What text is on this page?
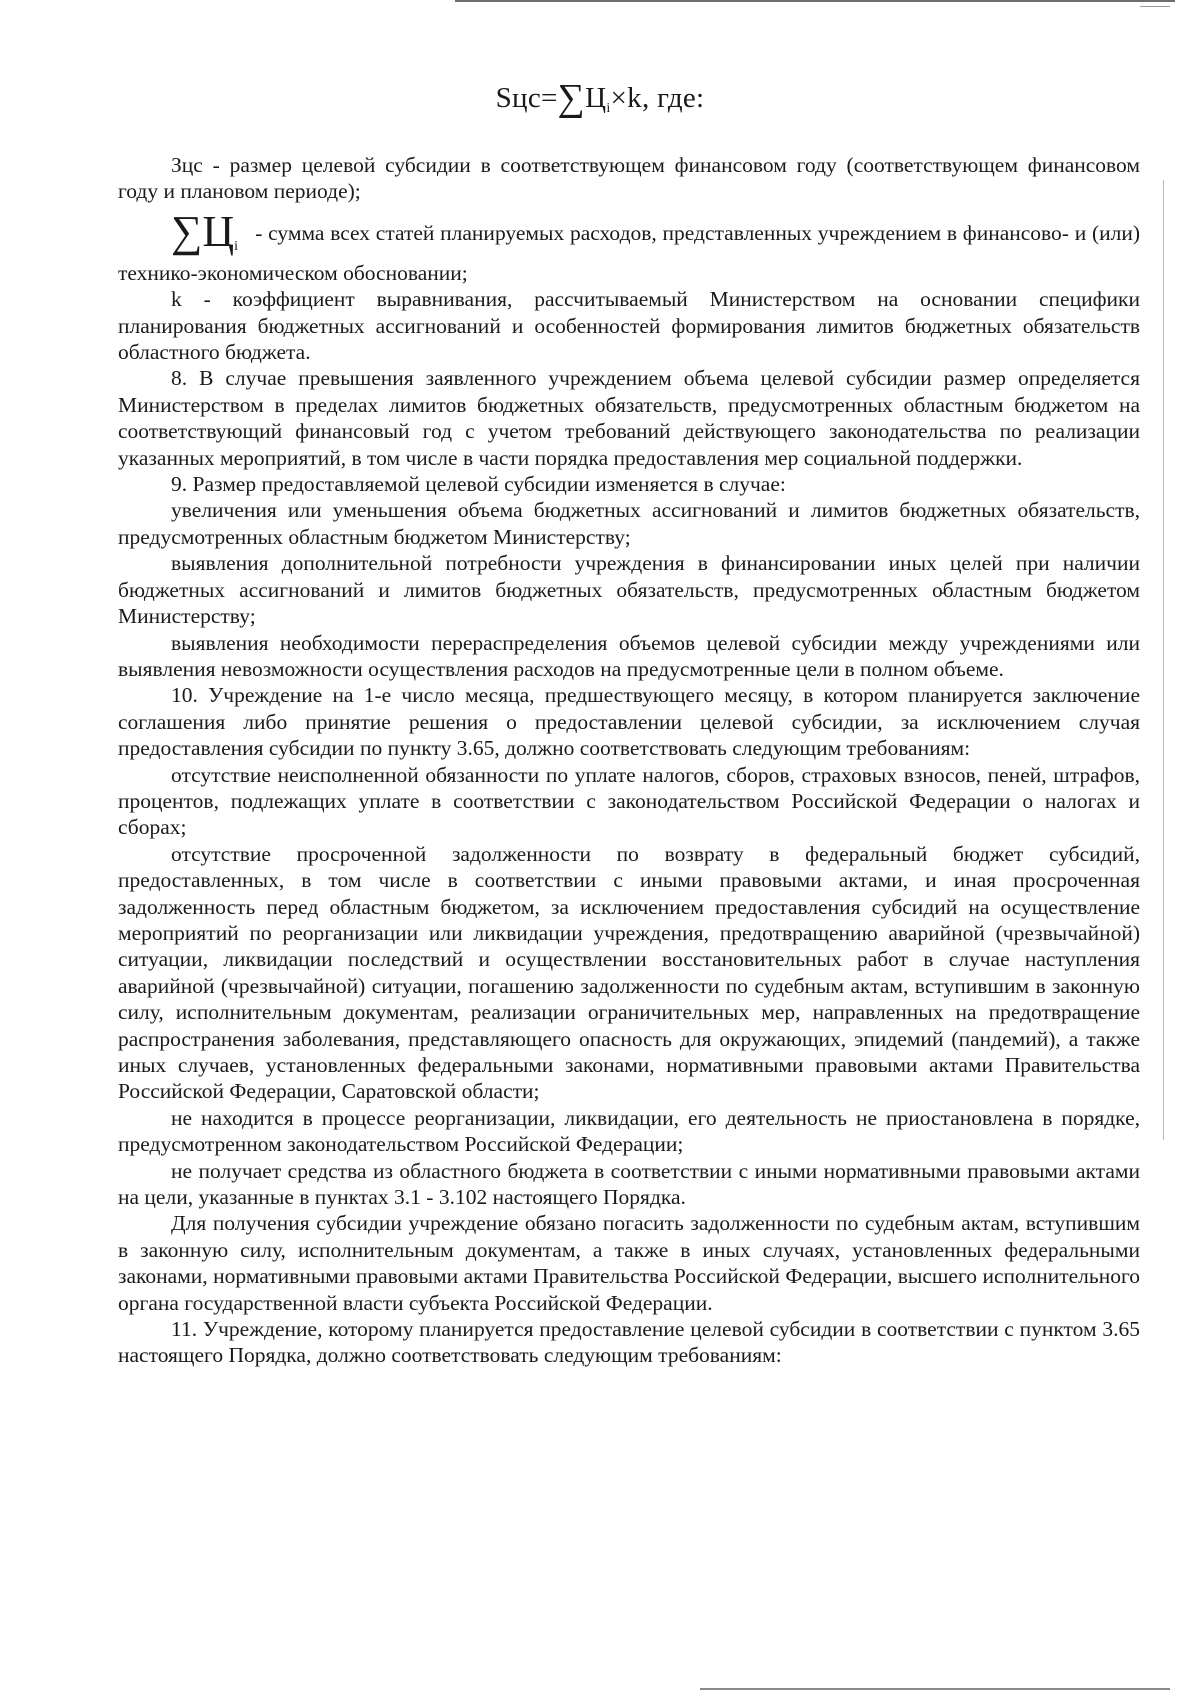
$Sцс=\sum Ц_i\times k$, где:

Зцс - размер целевой субсидии в соответствующем финансовом году (соответствующем финансовом году и плановом периоде);

$\sum Ц_i$   - сумма всех статей планируемых расходов, представленных учреждением в финансово- и (или) технико-экономическом обосновании;

k - коэффициент выравнивания, рассчитываемый Министерством на основании специфики планирования бюджетных ассигнований и особенностей формирования лимитов бюджетных обязательств областного бюджета.

8. В случае превышения заявленного учреждением объема целевой субсидии размер определяется Министерством в пределах лимитов бюджетных обязательств, предусмотренных областным бюджетом на соответствующий финансовый год с учетом требований действующего законодательства по реализации указанных мероприятий, в том числе в части порядка предоставления мер социальной поддержки.

9. Размер предоставляемой целевой субсидии изменяется в случае:

увеличения или уменьшения объема бюджетных ассигнований и лимитов бюджетных обязательств, предусмотренных областным бюджетом Министерству;

выявления дополнительной потребности учреждения в финансировании иных целей при наличии бюджетных ассигнований и лимитов бюджетных обязательств, предусмотренных областным бюджетом Министерству;

выявления необходимости перераспределения объемов целевой субсидии между учреждениями или выявления невозможности осуществления расходов на предусмотренные цели в полном объеме.

10. Учреждение на 1-е число месяца, предшествующего месяцу, в котором планируется заключение соглашения либо принятие решения о предоставлении целевой субсидии, за исключением случая предоставления субсидии по пункту 3.65, должно соответствовать следующим требованиям:

отсутствие неисполненной обязанности по уплате налогов, сборов, страховых взносов, пеней, штрафов, процентов, подлежащих уплате в соответствии с законодательством Российской Федерации о налогах и сборах;

отсутствие просроченной задолженности по возврату в федеральный бюджет субсидий, предоставленных, в том числе в соответствии с иными правовыми актами, и иная просроченная задолженность перед областным бюджетом, за исключением предоставления субсидий на осуществление мероприятий по реорганизации или ликвидации учреждения, предотвращению аварийной (чрезвычайной) ситуации, ликвидации последствий и осуществлении восстановительных работ в случае наступления аварийной (чрезвычайной) ситуации, погашению задолженности по судебным актам, вступившим в законную силу, исполнительным документам, реализации ограничительных мер, направленных на предотвращение распространения заболевания, представляющего опасность для окружающих, эпидемий (пандемий), а также иных случаев, установленных федеральными законами, нормативными правовыми актами Правительства Российской Федерации, Саратовской области;

не находится в процессе реорганизации, ликвидации, его деятельность не приостановлена в порядке, предусмотренном законодательством Российской Федерации;

не получает средства из областного бюджета в соответствии с иными нормативными правовыми актами на цели, указанные в пунктах 3.1 - 3.102 настоящего Порядка.

Для получения субсидии учреждение обязано погасить задолженности по судебным актам, вступившим в законную силу, исполнительным документам, а также в иных случаях, установленных федеральными законами, нормативными правовыми актами Правительства Российской Федерации, высшего исполнительного органа государственной власти субъекта Российской Федерации.

11. Учреждение, которому планируется предоставление целевой субсидии в соответствии с пунктом 3.65 настоящего Порядка, должно соответствовать следующим требованиям:
